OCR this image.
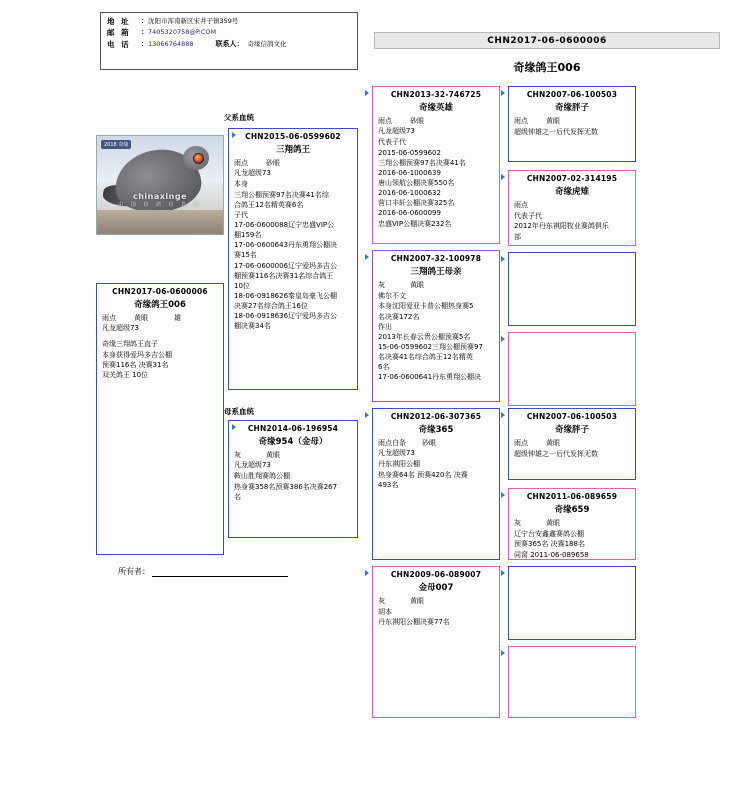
地 址	： 沈阳市浑南新区宋井子镇359号
邮 箱	： 7405320758@P.COM
电 话	： 13066764888	联系人： 奇缘信鸽文化	CHN2017-06-0600006
奇缘鸽王006
2018 奇缘
chinaxinge
中 国 信 鸽 信 息 网
父系血统
母系血统
CHN2017-06-0600006
奇缘鸽王006
雨点	黄眼	雄
凡龙超级73
奇缘三翔鸽王直子
本身获得爱玛多吉公棚
预赛116名 决赛31名
双关鸽王 10位
CHN2015-06-0599602
三翔鸽王
雨点	砂眼
凡龙超级73
本身
三翔公棚预赛97名决赛41名综
合鸽王12名精英赛6名
子代
17-06-0600088辽宁忠盛VIP公
棚159名
17-06-0600643丹东勇翔公棚决
赛15名
17-06-0600006辽宁爱玛多吉公
棚预赛116名决赛31名综合鸽王
10位
18-06-0918626秦皇岛豪飞公棚
决赛27名综合鸽王16位
18-06-0918636辽宁爱玛多吉公
棚决赛34名
CHN2014-06-196954
奇缘954（金母）
灰	黄眼
凡龙超级73
鞍山胜翔赛鸽公棚
热身赛358名预赛386名决赛267
名
CHN2013-32-746725
奇缘英雄
雨点	砂眼
凡龙超级73
代表子代
2015-06-0599602
三翔公棚预赛97名决赛41名
2016-06-1000639
唐山领航公棚决赛550名
2016-06-1000632
营口丰轩公棚决赛325名
2016-06-0600099
忠盛VIP公棚决赛232名
CHN2007-32-100978
三翔鸽王母亲
灰	黄眼
佛尔不文
本身沈阳爱亚卡普公棚热身赛5
名决赛172名
作出
2013年长春云贵公棚预赛5名
15-06-0599602三翔公棚预赛97
名决赛41名综合鸽王12名精英
6名
17-06-0600641丹东勇翔公棚决
CHN2012-06-307365
奇缘365
雨点白条	砂眼
凡龙超级73
丹东祺阳公棚
热身赛64名 预赛420名 决赛
493名
CHN2009-06-089007
金母007
灰	黄眼
胡本
丹东祺阳公棚决赛77名
CHN2007-06-100503
奇缘胖子
雨点	黄眼
超级钟雄之一后代发挥无数
CHN2007-02-314195
奇缘虎雉
雨点
代表子代
2012年丹东祺阳牧业赛鸽俱乐
部
CHN2007-06-100503
奇缘胖子
雨点	黄眼
超级钟雄之一后代发挥无数
CHN2011-06-089659
奇缘659
灰	黄眼
辽宁台安鑫鑫赛鸽公棚
预赛365名 决赛188名
同窝 2011-06-089658
所有者：
